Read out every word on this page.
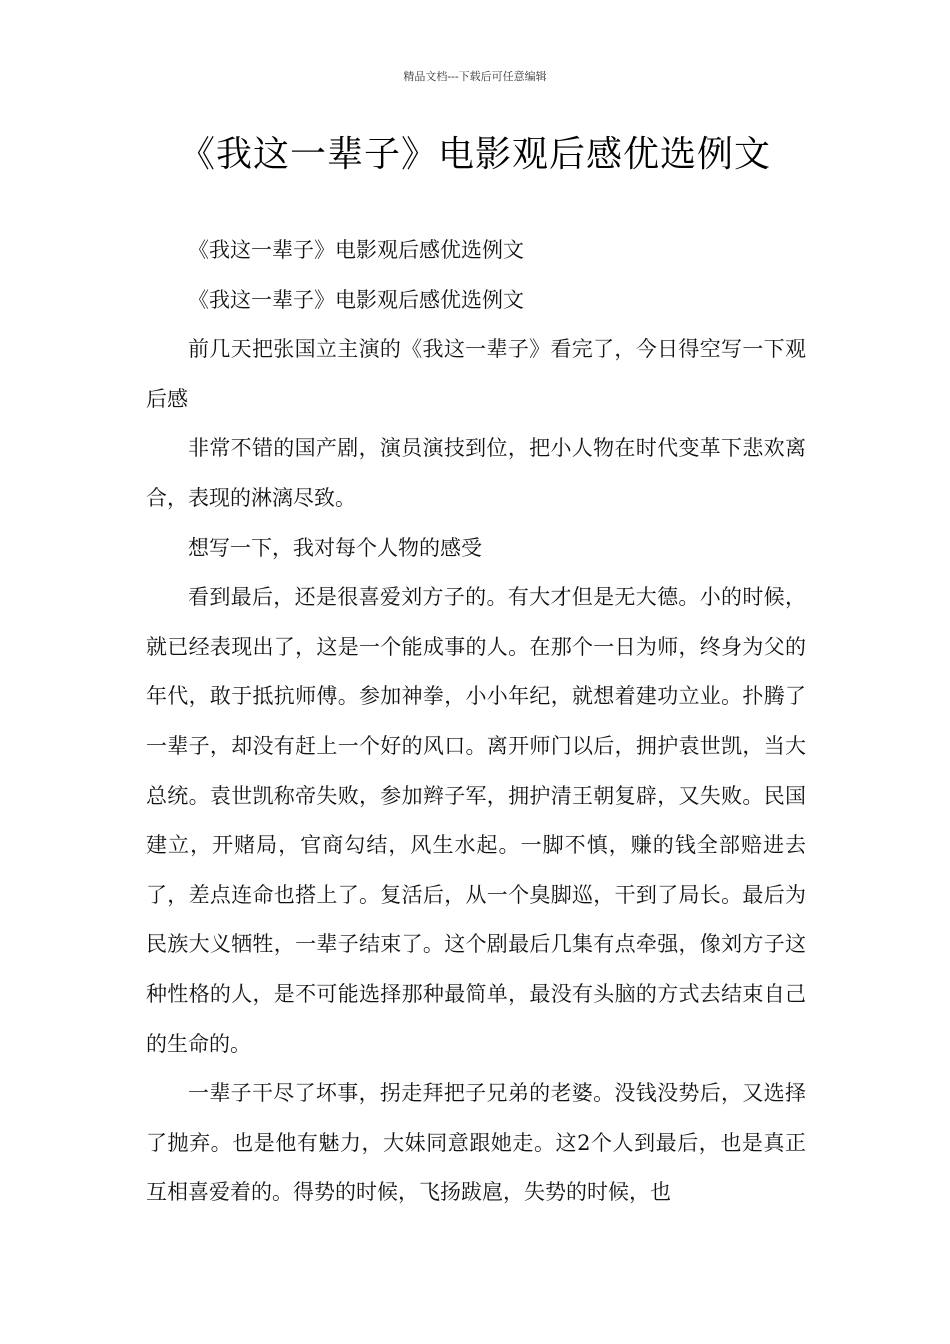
精品文档---下载后可任意编辑
《我这一辈子》电影观后感优选例文

《我这一辈子》电影观后感优选例文

《我这一辈子》电影观后感优选例文

前几天把张国立主演的《我这一辈子》看完了，今日得空写一下观后感

非常不错的国产剧，演员演技到位，把小人物在时代变革下悲欢离合，表现的淋漓尽致。

想写一下，我对每个人物的感受

看到最后，还是很喜爱刘方子的。有大才但是无大德。小的时候，就已经表现出了，这是一个能成事的人。在那个一日为师，终身为父的年代，敢于抵抗师傅。参加神拳，小小年纪，就想着建功立业。扑腾了一辈子，却没有赶上一个好的风口。离开师门以后，拥护袁世凯，当大总统。袁世凯称帝失败，参加辫子军，拥护清王朝复辟，又失败。民国建立，开赌局，官商勾结，风生水起。一脚不慎，赚的钱全部赔进去了，差点连命也搭上了。复活后，从一个臭脚巡，干到了局长。最后为民族大义牺牲，一辈子结束了。这个剧最后几集有点牵强，像刘方子这种性格的人，是不可能选择那种最简单，最没有头脑的方式去结束自己的生命的。

一辈子干尽了坏事，拐走拜把子兄弟的老婆。没钱没势后，又选择了抛弃。也是他有魅力，大妹同意跟她走。这2个人到最后，也是真正互相喜爱着的。得势的时候，飞扬跋扈，失势的时候，也
